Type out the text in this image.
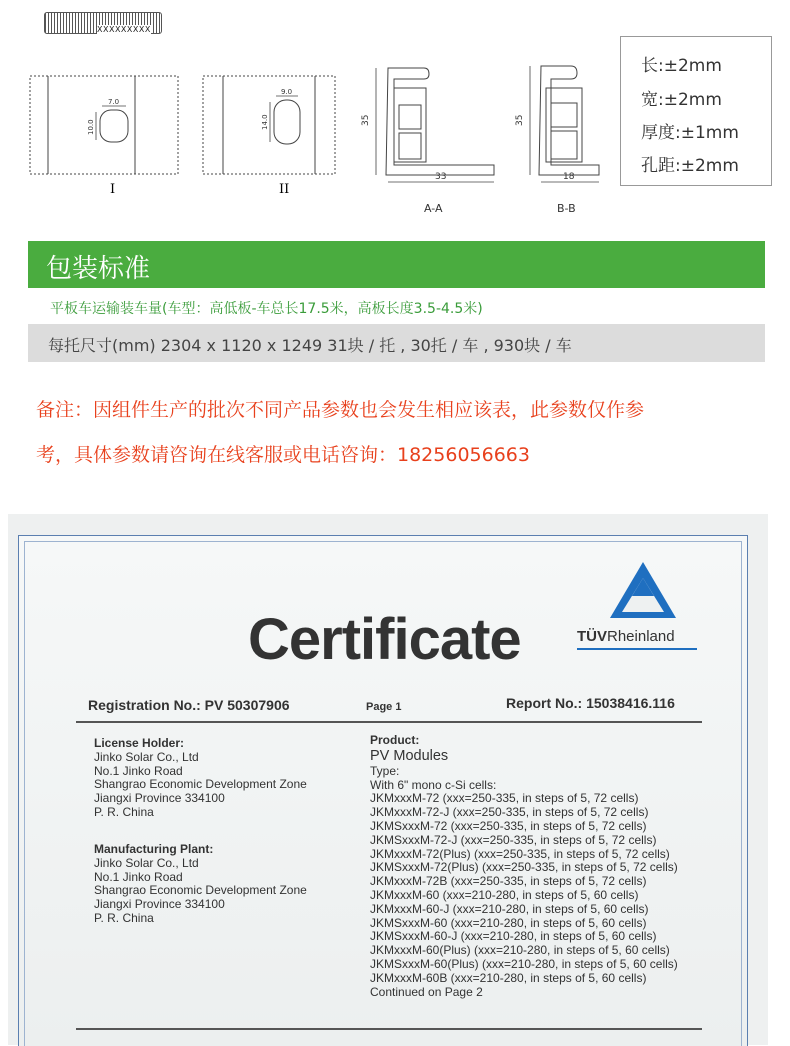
XXXXXXXXX
7.0
10.0
I
9.0
14.0
II
35
33
A-A
35
18
B-B
长:±2mm
宽:±2mm
厚度:±1mm
孔距:±2mm
包装标准
平板车运输装车量(车型：高低板-车总长17.5米，高板长度3.5-4.5米)
每托尺寸(mm) 2304 x 1120 x 1249 31块 / 托 , 30托 / 车 , 930块 / 车
备注：因组件生产的批次不同产品参数也会发生相应该表，此参数仅作参
考，具体参数请咨询在线客服或电话咨询：18256056663
Certificate	TÜVRheinland
Registration No.: PV 50307906	Page 1	Report No.: 15038416.116
License Holder:
Jinko Solar Co., Ltd
No.1 Jinko Road
Shangrao Economic Development Zone
Jiangxi Province 334100
P. R. China
Manufacturing Plant:
Jinko Solar Co., Ltd
No.1 Jinko Road
Shangrao Economic Development Zone
Jiangxi Province 334100
P. R. China
Product:
PV Modules
Type:
With 6" mono c-Si cells:
JKMxxxM-72 (xxx=250-335, in steps of 5, 72 cells)
JKMxxxM-72-J (xxx=250-335, in steps of 5, 72 cells)
JKMSxxxM-72 (xxx=250-335, in steps of 5, 72 cells)
JKMSxxxM-72-J (xxx=250-335, in steps of 5, 72 cells)
JKMxxxM-72(Plus) (xxx=250-335, in steps of 5, 72 cells)
JKMSxxxM-72(Plus) (xxx=250-335, in steps of 5, 72 cells)
JKMxxxM-72B (xxx=250-335, in steps of 5, 72 cells)
JKMxxxM-60 (xxx=210-280, in steps of 5, 60 cells)
JKMxxxM-60-J (xxx=210-280, in steps of 5, 60 cells)
JKMSxxxM-60 (xxx=210-280, in steps of 5, 60 cells)
JKMSxxxM-60-J (xxx=210-280, in steps of 5, 60 cells)
JKMxxxM-60(Plus) (xxx=210-280, in steps of 5, 60 cells)
JKMSxxxM-60(Plus) (xxx=210-280, in steps of 5, 60 cells)
JKMxxxM-60B (xxx=210-280, in steps of 5, 60 cells)
Continued on Page 2
